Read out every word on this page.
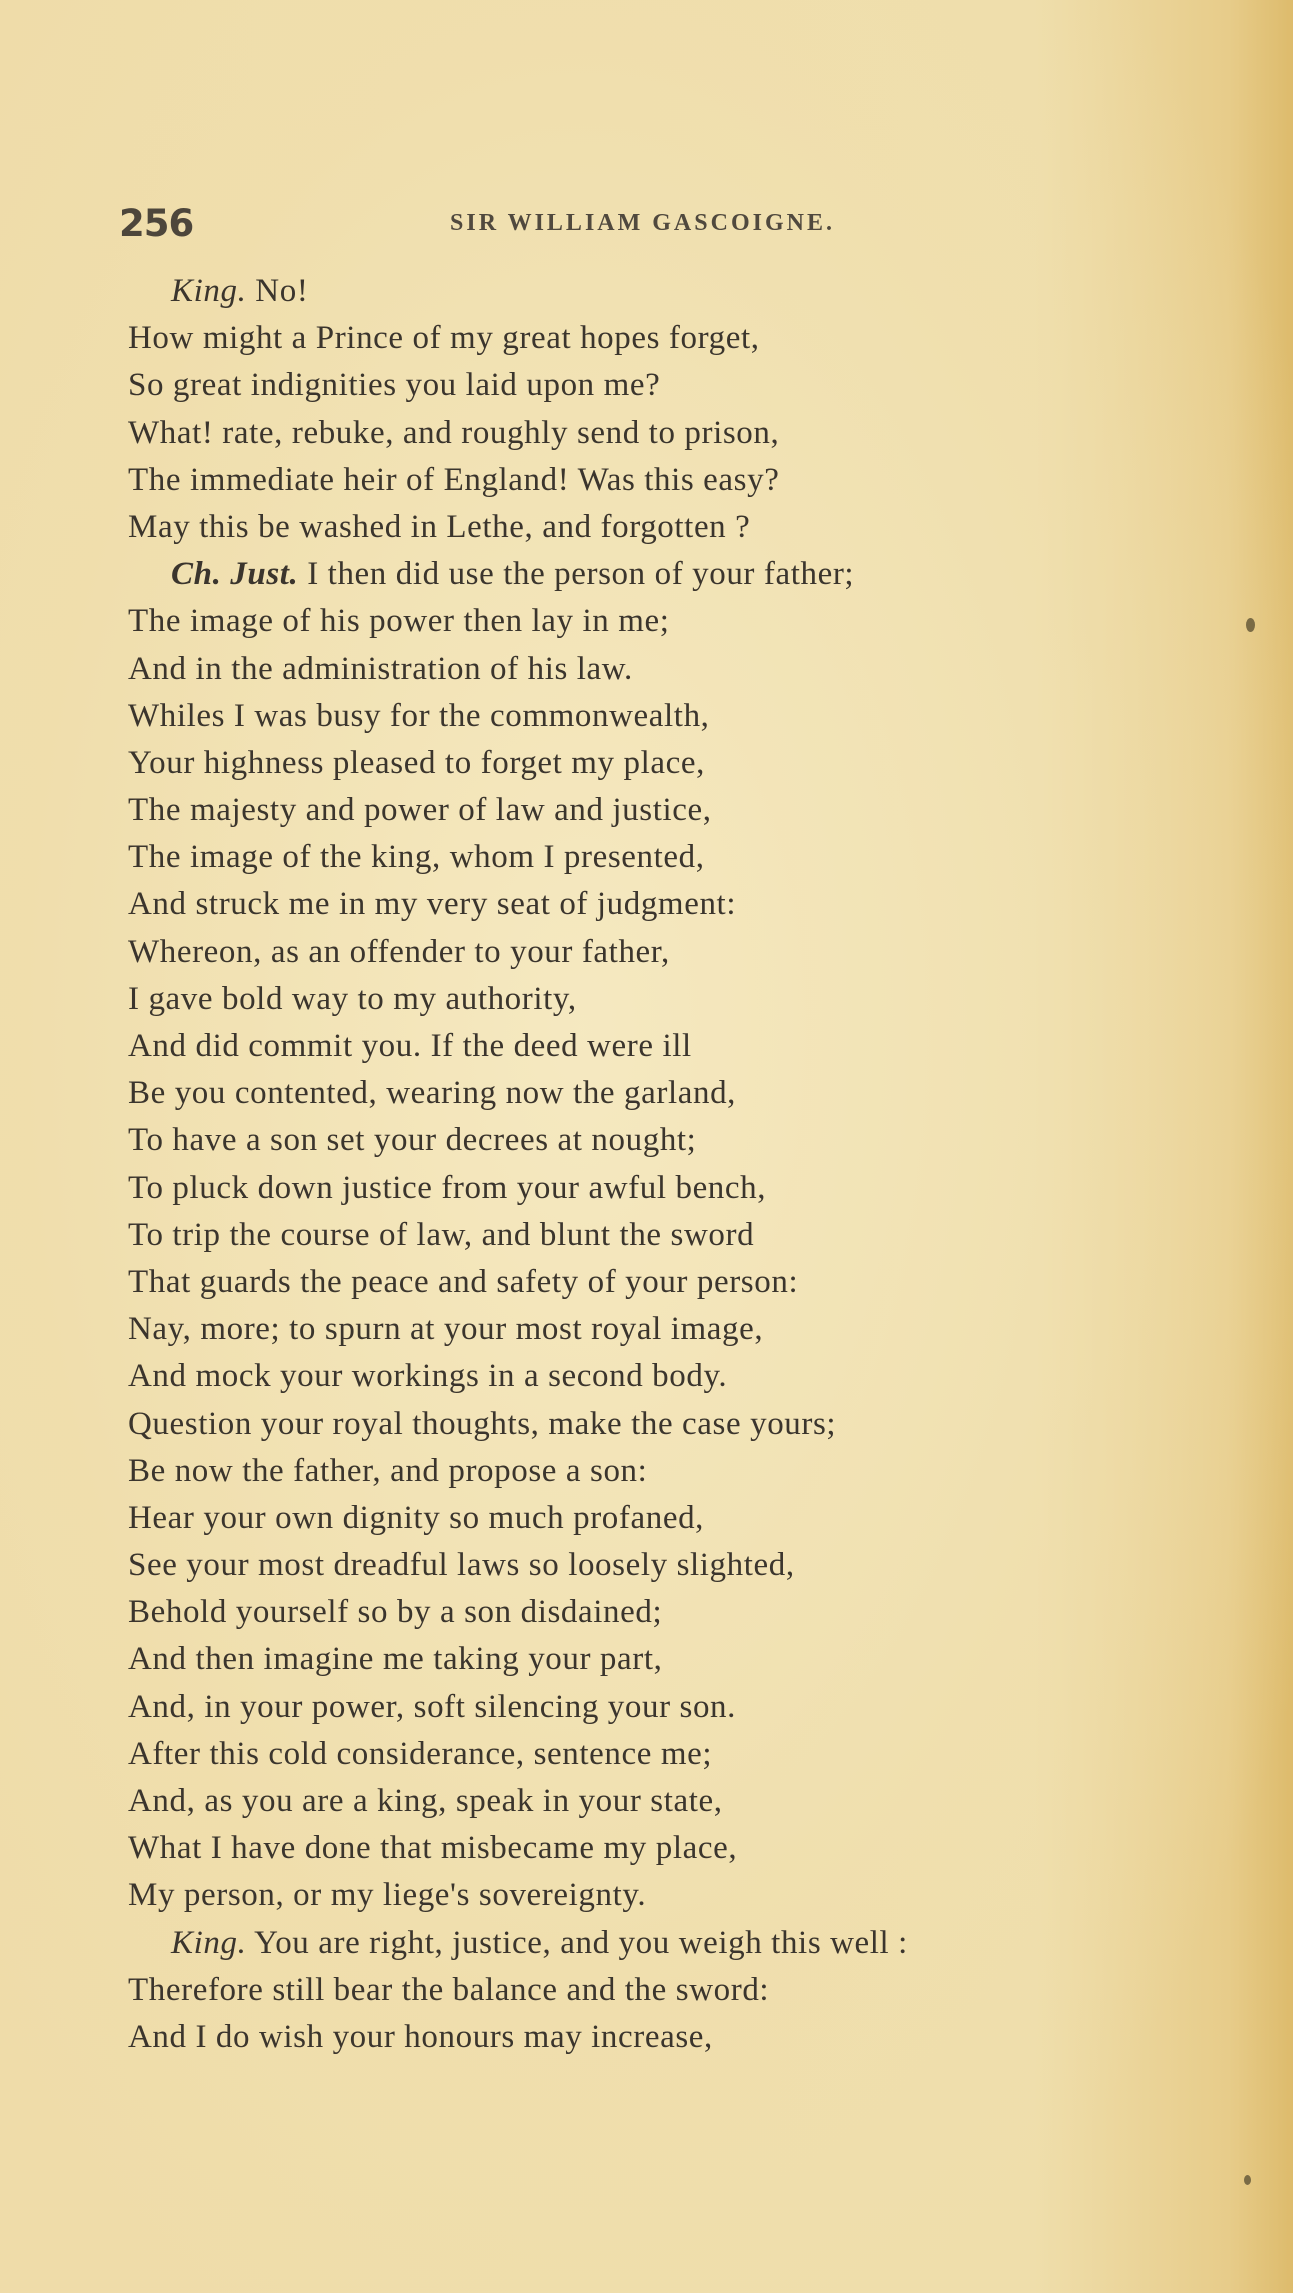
256	SIR WILLIAM GASCOIGNE.
King. No!
How might a Prince of my great hopes forget,
So great indignities you laid upon me?
What! rate, rebuke, and roughly send to prison,
The immediate heir of England! Was this easy?
May this be washed in Lethe, and forgotten ?
Ch. Just. I then did use the person of your father;
The image of his power then lay in me;
And in the administration of his law.
Whiles I was busy for the commonwealth,
Your highness pleased to forget my place,
The majesty and power of law and justice,
The image of the king, whom I presented,
And struck me in my very seat of judgment:
Whereon, as an offender to your father,
I gave bold way to my authority,
And did commit you. If the deed were ill
Be you contented, wearing now the garland,
To have a son set your decrees at nought;
To pluck down justice from your awful bench,
To trip the course of law, and blunt the sword
That guards the peace and safety of your person:
Nay, more; to spurn at your most royal image,
And mock your workings in a second body.
Question your royal thoughts, make the case yours;
Be now the father, and propose a son:
Hear your own dignity so much profaned,
See your most dreadful laws so loosely slighted,
Behold yourself so by a son disdained;
And then imagine me taking your part,
And, in your power, soft silencing your son.
After this cold considerance, sentence me;
And, as you are a king, speak in your state,
What I have done that misbecame my place,
My person, or my liege's sovereignty.
King. You are right, justice, and you weigh this well :
Therefore still bear the balance and the sword:
And I do wish your honours may increase,
